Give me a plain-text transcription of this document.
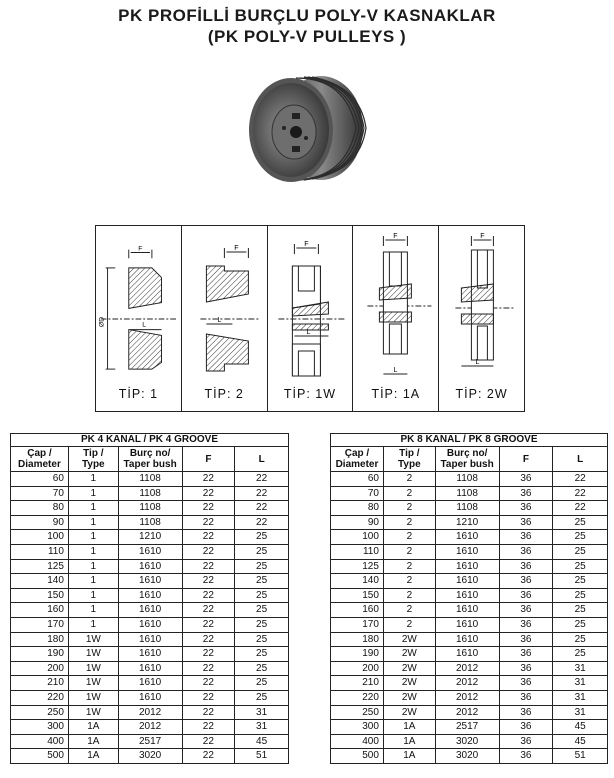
PK PROFİLLİ BURÇLU POLY-V KASNAKLAR
(PK POLY-V PULLEYS )
F
ØD	L
TİP: 1
F
L
TİP: 2
F
L
TİP: 1W
F
L
TİP: 1A
F
L
TİP: 2W
PK 4 KANAL / PK 4 GROOVE				
Çap /
Diameter	Tip /
Type	Burç no/
Taper bush	F	L
60	1	1108	22	22
70	1	1108	22	22
80	1	1108	22	22
90	1	1108	22	22
100	1	1210	22	25
110	1	1610	22	25
125	1	1610	22	25
140	1	1610	22	25
150	1	1610	22	25
160	1	1610	22	25
170	1	1610	22	25
180	1W	1610	22	25
190	1W	1610	22	25
200	1W	1610	22	25
210	1W	1610	22	25
220	1W	1610	22	25
250	1W	2012	22	31
300	1A	2012	22	31
400	1A	2517	22	45
500	1A	3020	22	51
PK 8 KANAL / PK 8 GROOVE				
Çap /
Diameter	Tip /
Type	Burç no/
Taper bush	F	L
60	2	1108	36	22
70	2	1108	36	22
80	2	1108	36	22
90	2	1210	36	25
100	2	1610	36	25
110	2	1610	36	25
125	2	1610	36	25
140	2	1610	36	25
150	2	1610	36	25
160	2	1610	36	25
170	2	1610	36	25
180	2W	1610	36	25
190	2W	1610	36	25
200	2W	2012	36	31
210	2W	2012	36	31
220	2W	2012	36	31
250	2W	2012	36	31
300	1A	2517	36	45
400	1A	3020	36	45
500	1A	3020	36	51
